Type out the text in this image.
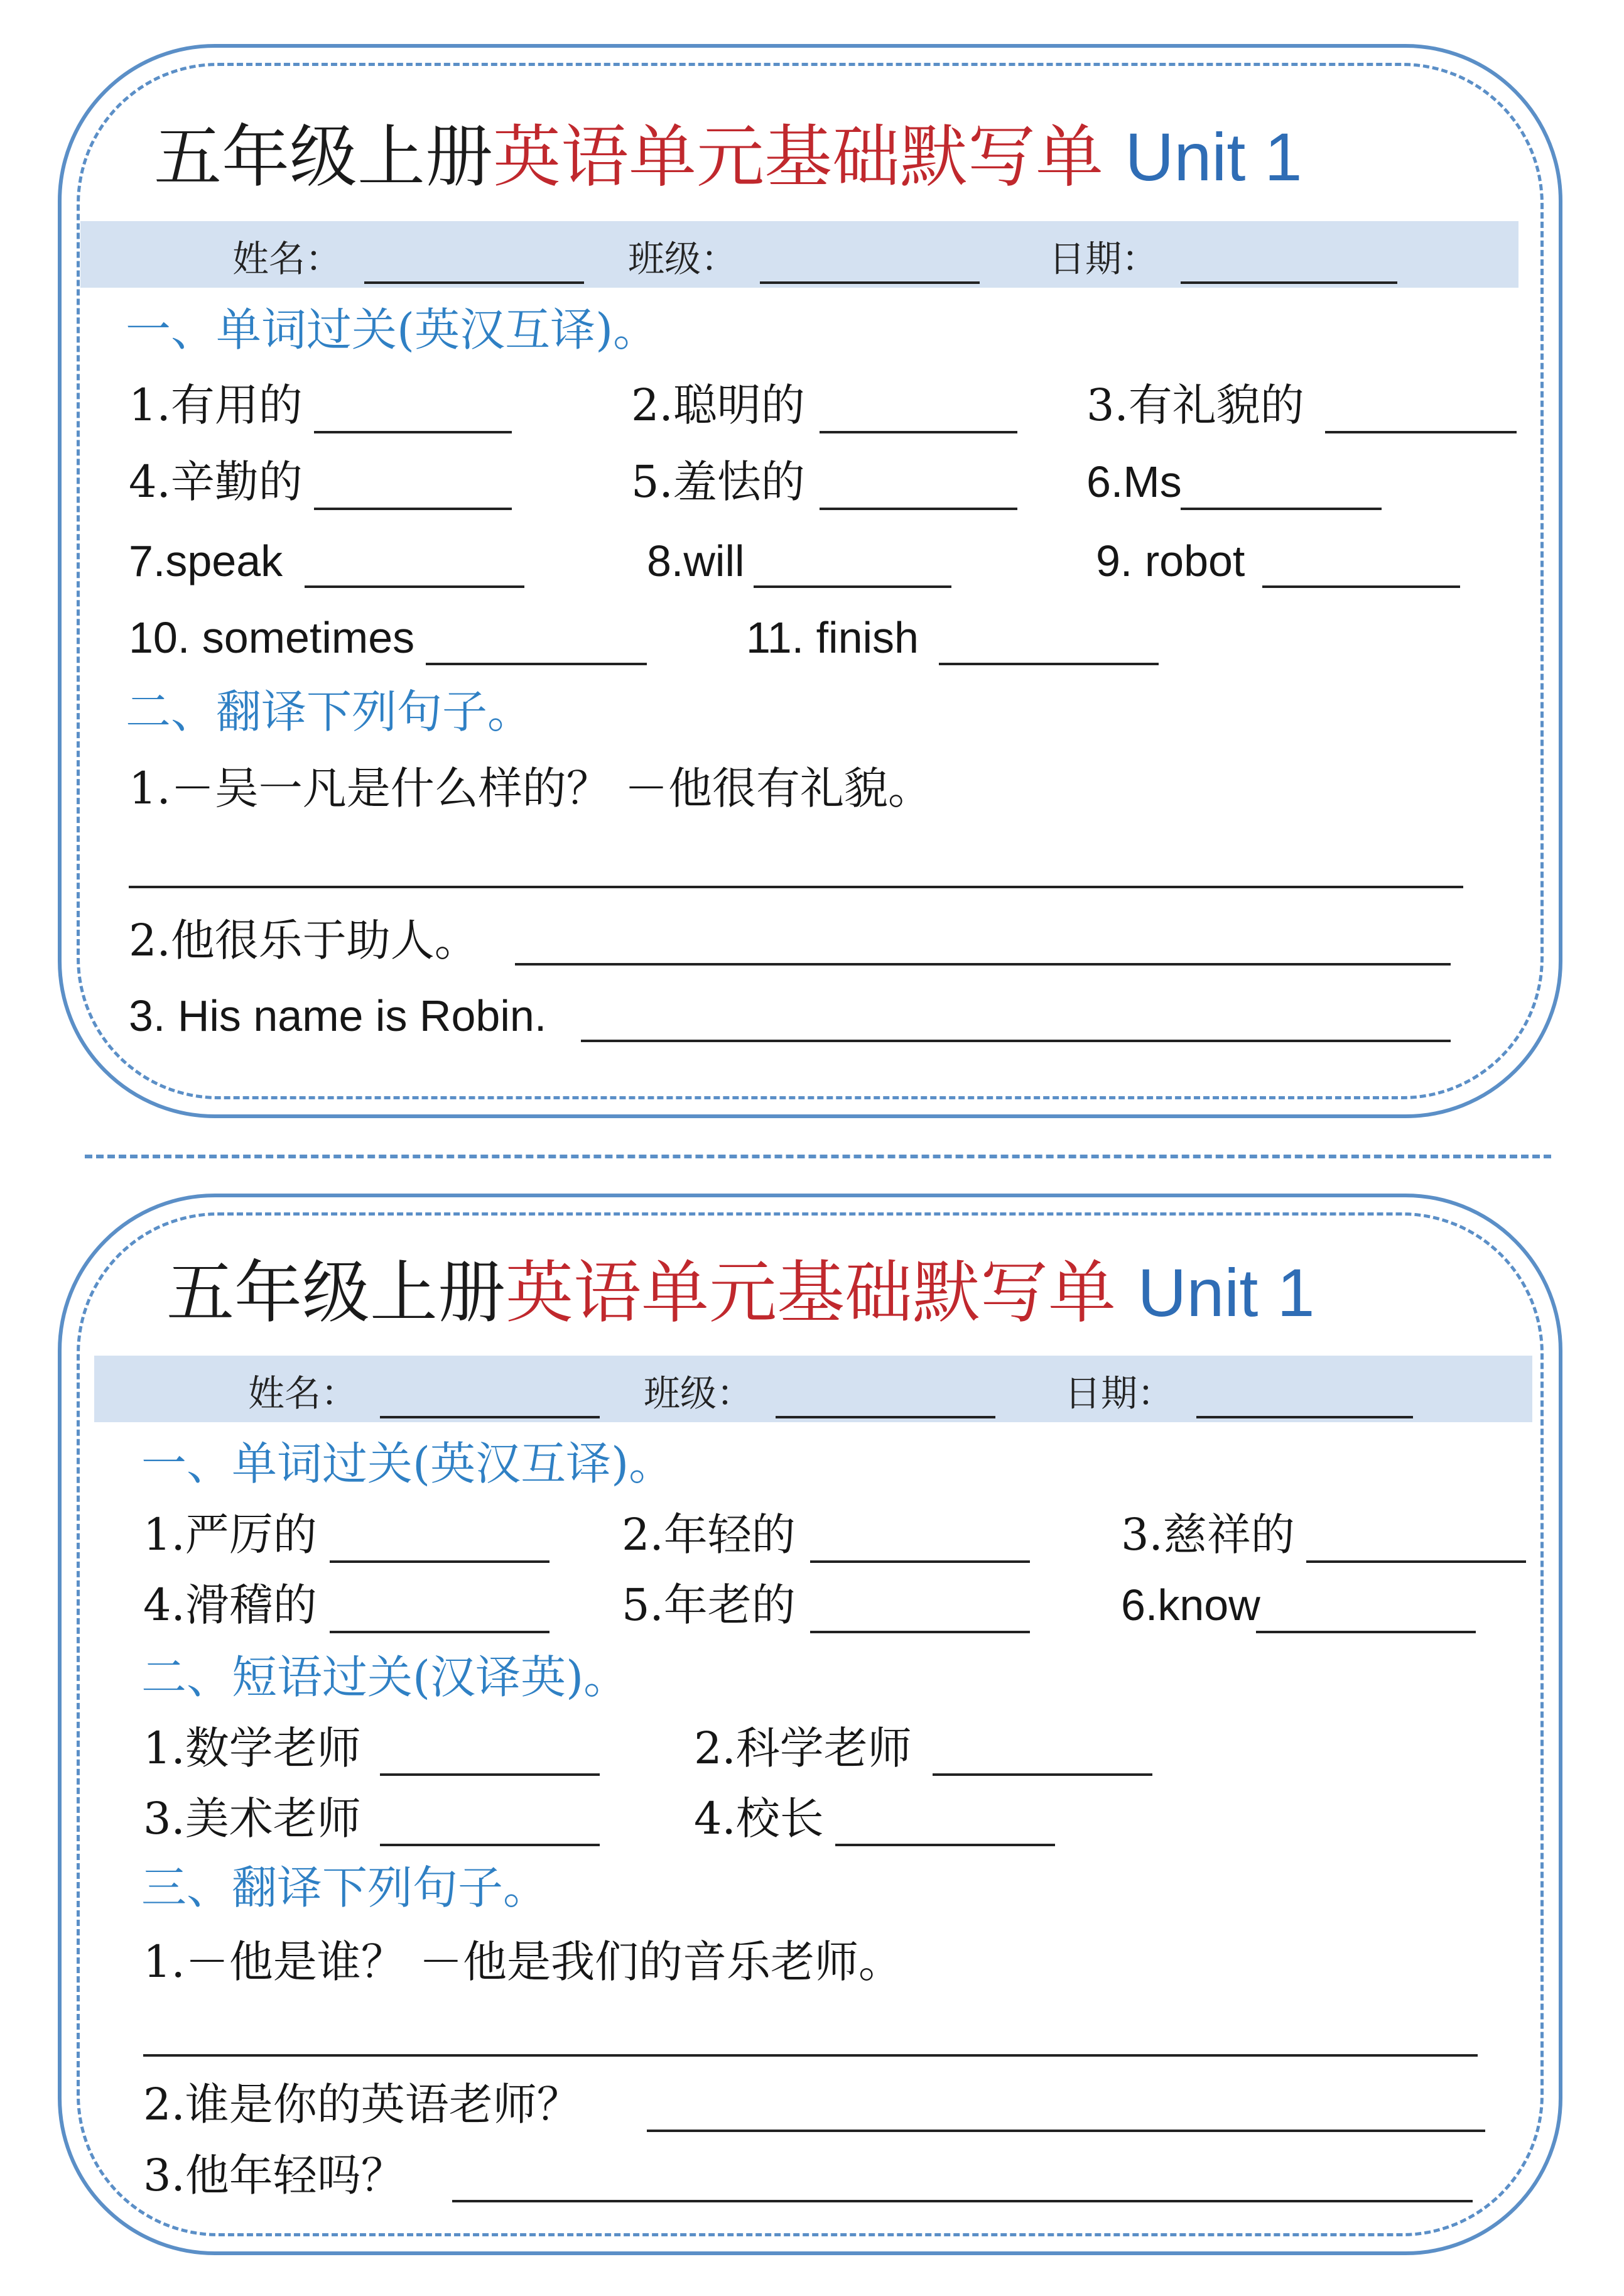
五年级上册英语单元基础默写单 Unit 1
姓名：	班级：	日期：
一、单词过关(英汉互译)。
1.有用的	2.聪明的	3.有礼貌的
4.辛勤的	5.羞怯的	6.Ms
7.speak	8.will	9. robot
10. sometimes	11. finish
二、翻译下列句子。
1.－吴一凡是什么样的？ －他很有礼貌。
2.他很乐于助人。
3. His name is Robin.
五年级上册英语单元基础默写单 Unit 1
姓名：	班级：	日期：
一、单词过关(英汉互译)。
1.严厉的	2.年轻的	3.慈祥的
4.滑稽的	5.年老的	6.know
二、短语过关(汉译英)。
1.数学老师	2.科学老师
3.美术老师	4.校长
三、翻译下列句子。
1.－他是谁？ －他是我们的音乐老师。
2.谁是你的英语老师？
3.他年轻吗？
